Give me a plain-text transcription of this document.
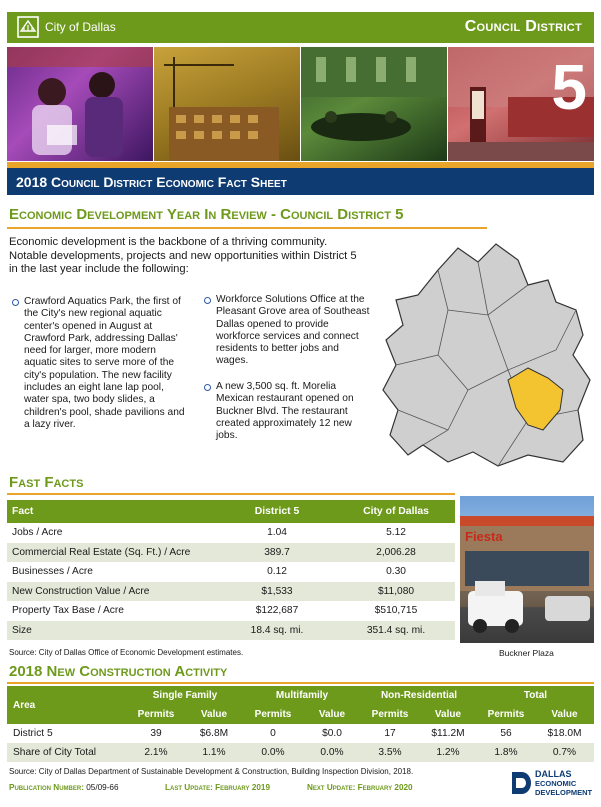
City of Dallas	Council District
5
2018 Council District Economic Fact Sheet
Economic Development Year In Review - Council District 5
Economic development is the backbone of a thriving community. Notable developments, projects and new opportunities within District 5 in the last year include the following:
Crawford Aquatics Park, the first of the City's new regional aquatic center's opened in August at Crawford Park, addressing Dallas' need for larger, more modern aquatic sites to serve more of the city's population. The new facility includes an eight lane lap pool, water spa, two body slides, a children's pool, shade pavilions and a lazy river.
Workforce Solutions Office at the Pleasant Grove area of Southeast Dallas opened to provide workforce services and connect residents to better jobs and wages.
A new 3,500 sq. ft. Morelia Mexican restaurant opened on Buckner Blvd. The restaurant created approximately 12 new jobs.
Fast Facts
Fact	District 5	City of Dallas
Jobs / Acre	1.04	5.12
Commercial Real Estate (Sq. Ft.) / Acre	389.7	2,006.28
Businesses / Acre	0.12	0.30
New Construction Value / Acre	$1,533	$11,080
Property Tax Base / Acre	$122,687	$510,715
Size	18.4 sq. mi.	351.4 sq. mi.
Source: City of Dallas Office of Economic Development estimates.
Fiesta
Buckner Plaza
2018 New Construction Activity
Area	Single Family		Multifamily		Non-Residential		Total	
	Permits	Value	Permits	Value	Permits	Value	Permits	Value
District 5	39	$6.8M	0	$0.0	17	$11.2M	56	$18.0M
Share of City Total	2.1%	1.1%	0.0%	0.0%	3.5%	1.2%	1.8%	0.7%
Source: City of Dallas Department of Sustainable Development & Construction, Building Inspection Division, 2018.
Publication Number: 05/09-66	Last Update: February 2019	Next Update: February 2020
DALLAS
ECONOMIC
DEVELOPMENT
